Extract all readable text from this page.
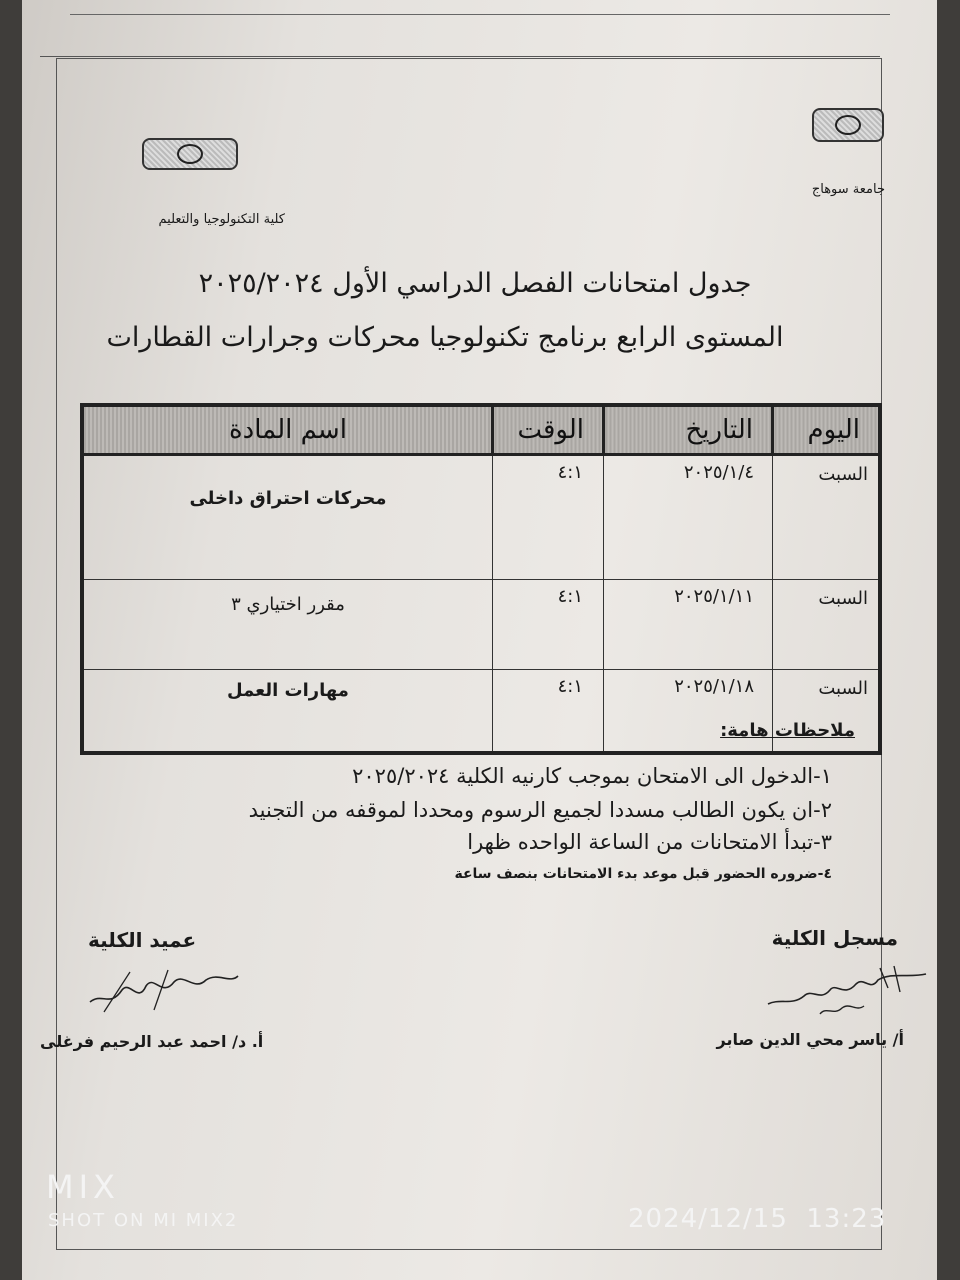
جامعة سوهاج
كلية التكنولوجيا والتعليم
جدول امتحانات الفصل الدراسي الأول ٢٠٢٥/٢٠٢٤
المستوى الرابع برنامج تكنولوجيا محركات وجرارات القطارات
اليوم	التاريخ	الوقت	اسم المادة
السبت	٢٠٢٥/١/٤	٤:١	محركات احتراق داخلى
السبت	٢٠٢٥/١/١١	٤:١	مقرر اختياري ٣
السبت	٢٠٢٥/١/١٨	٤:١	مهارات العمل
ملاحظات هامة:
١-الدخول الى الامتحان بموجب كارنيه الكلية ٢٠٢٥/٢٠٢٤
٢-ان يكون الطالب مسددا لجميع الرسوم ومحددا لموقفه من التجنيد
٣-تبدأ الامتحانات من الساعة الواحده ظهرا
٤-ضروره الحضور قبل موعد بدء الامتحانات بنصف ساعة
مسجل الكلية
عميد الكلية
أ/ ياسر محي الدين صابر
أ. د/ احمد عبد الرحيم فرغلى
MIX
SHOT ON MI MIX2	2024/12/15  13:23
